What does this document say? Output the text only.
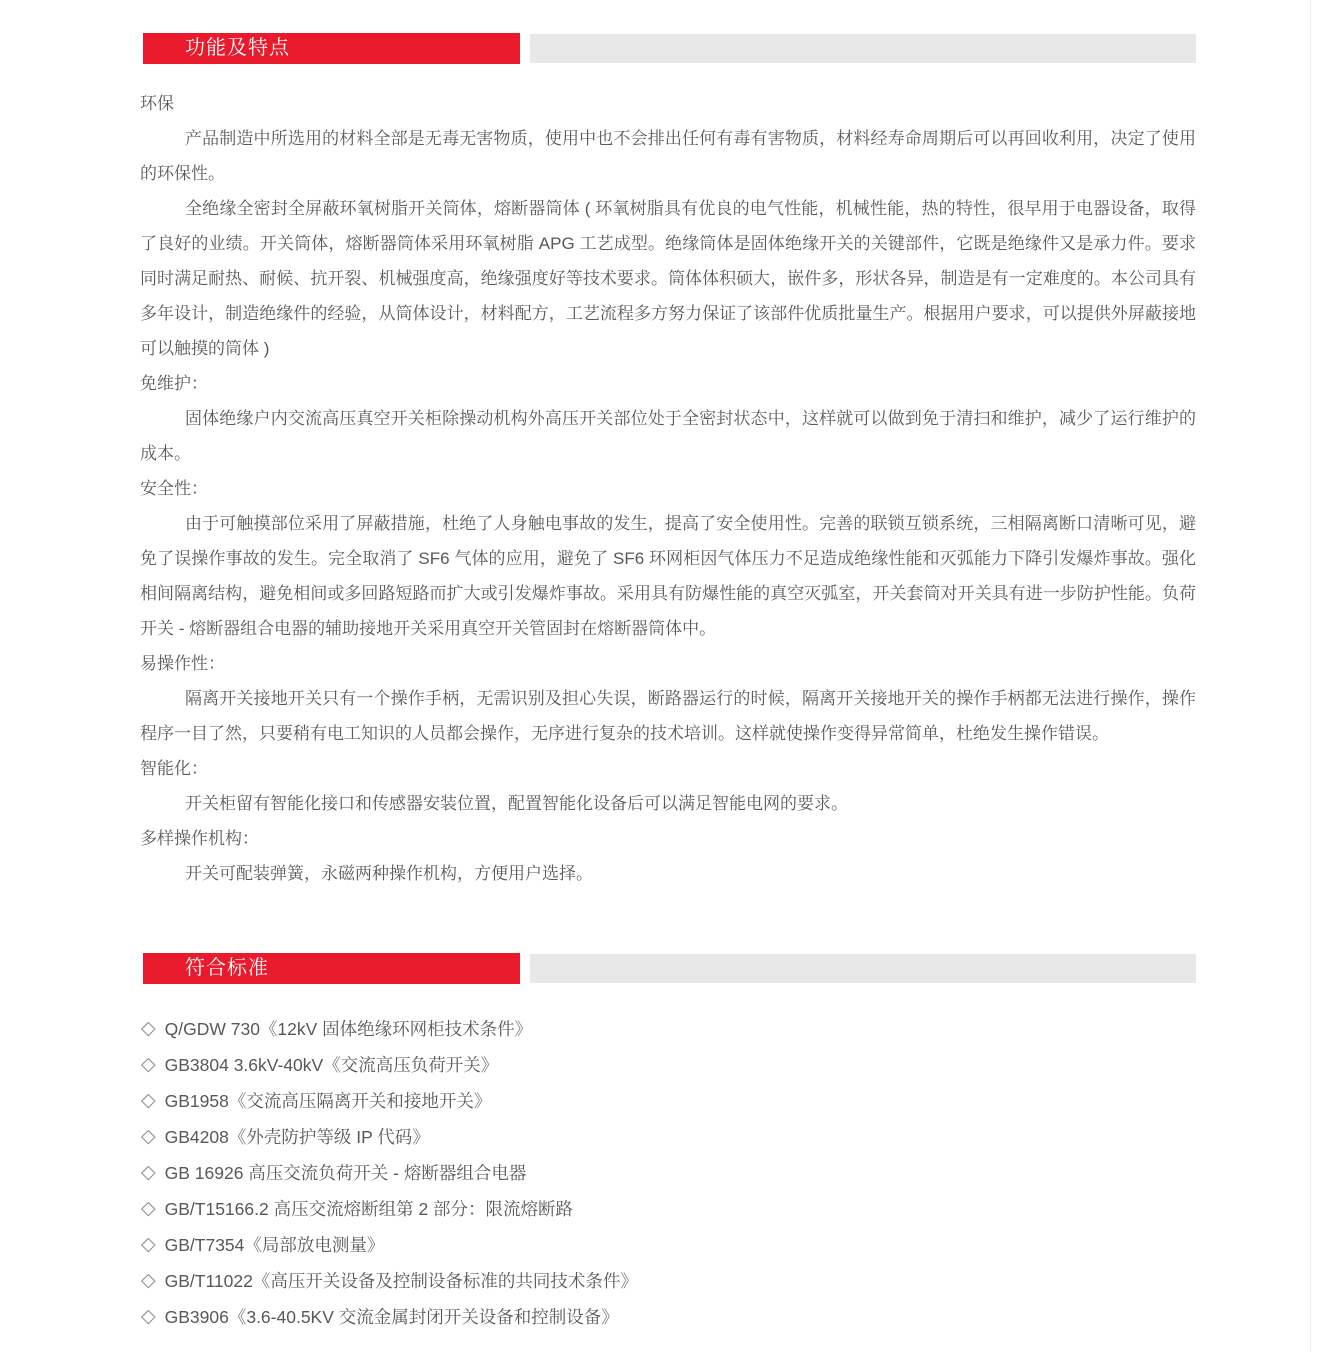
功能及特点

环保

产品制造中所选用的材料全部是无毒无害物质，使用中也不会排出任何有毒有害物质，材料经寿命周期后可以再回收利用，决定了使用的环保性。

全绝缘全密封全屏蔽环氧树脂开关筒体，熔断器筒体 ( 环氧树脂具有优良的电气性能，机械性能，热的特性，很早用于电器设备，取得了良好的业绩。开关筒体，熔断器筒体采用环氧树脂 APG 工艺成型。绝缘筒体是固体绝缘开关的关键部件，它既是绝缘件又是承力件。要求同时满足耐热、耐候、抗开裂、机械强度高，绝缘强度好等技术要求。筒体体积硕大，嵌件多，形状各异，制造是有一定难度的。本公司具有多年设计，制造绝缘件的经验，从筒体设计，材料配方，工艺流程多方努力保证了该部件优质批量生产。根据用户要求，可以提供外屏蔽接地可以触摸的筒体 )

免维护：

固体绝缘户内交流高压真空开关柜除操动机构外高压开关部位处于全密封状态中，这样就可以做到免于清扫和维护，减少了运行维护的成本。

安全性：

由于可触摸部位采用了屏蔽措施，杜绝了人身触电事故的发生，提高了安全使用性。完善的联锁互锁系统，三相隔离断口清晰可见，避免了误操作事故的发生。完全取消了 SF6 气体的应用，避免了 SF6 环网柜因气体压力不足造成绝缘性能和灭弧能力下降引发爆炸事故。强化相间隔离结构，避免相间或多回路短路而扩大或引发爆炸事故。采用具有防爆性能的真空灭弧室，开关套筒对开关具有进一步防护性能。负荷开关 - 熔断器组合电器的辅助接地开关采用真空开关管固封在熔断器筒体中。

易操作性：

隔离开关接地开关只有一个操作手柄，无需识别及担心失误，断路器运行的时候，隔离开关接地开关的操作手柄都无法进行操作，操作程序一目了然，只要稍有电工知识的人员都会操作，无序进行复杂的技术培训。这样就使操作变得异常简单，杜绝发生操作错误。

智能化：

开关柜留有智能化接口和传感器安装位置，配置智能化设备后可以满足智能电网的要求。

多样操作机构：

开关可配装弹簧，永磁两种操作机构，方便用户选择。

符合标准
◇ Q/GDW 730《12kV 固体绝缘环网柜技术条件》
◇ GB3804 3.6kV-40kV《交流高压负荷开关》
◇ GB1958《交流高压隔离开关和接地开关》
◇ GB4208《外壳防护等级 IP 代码》
◇ GB 16926 高压交流负荷开关 - 熔断器组合电器
◇ GB/T15166.2 高压交流熔断组第 2 部分：限流熔断路
◇ GB/T7354《局部放电测量》
◇ GB/T11022《高压开关设备及控制设备标准的共同技术条件》
◇ GB3906《3.6-40.5KV 交流金属封闭开关设备和控制设备》
